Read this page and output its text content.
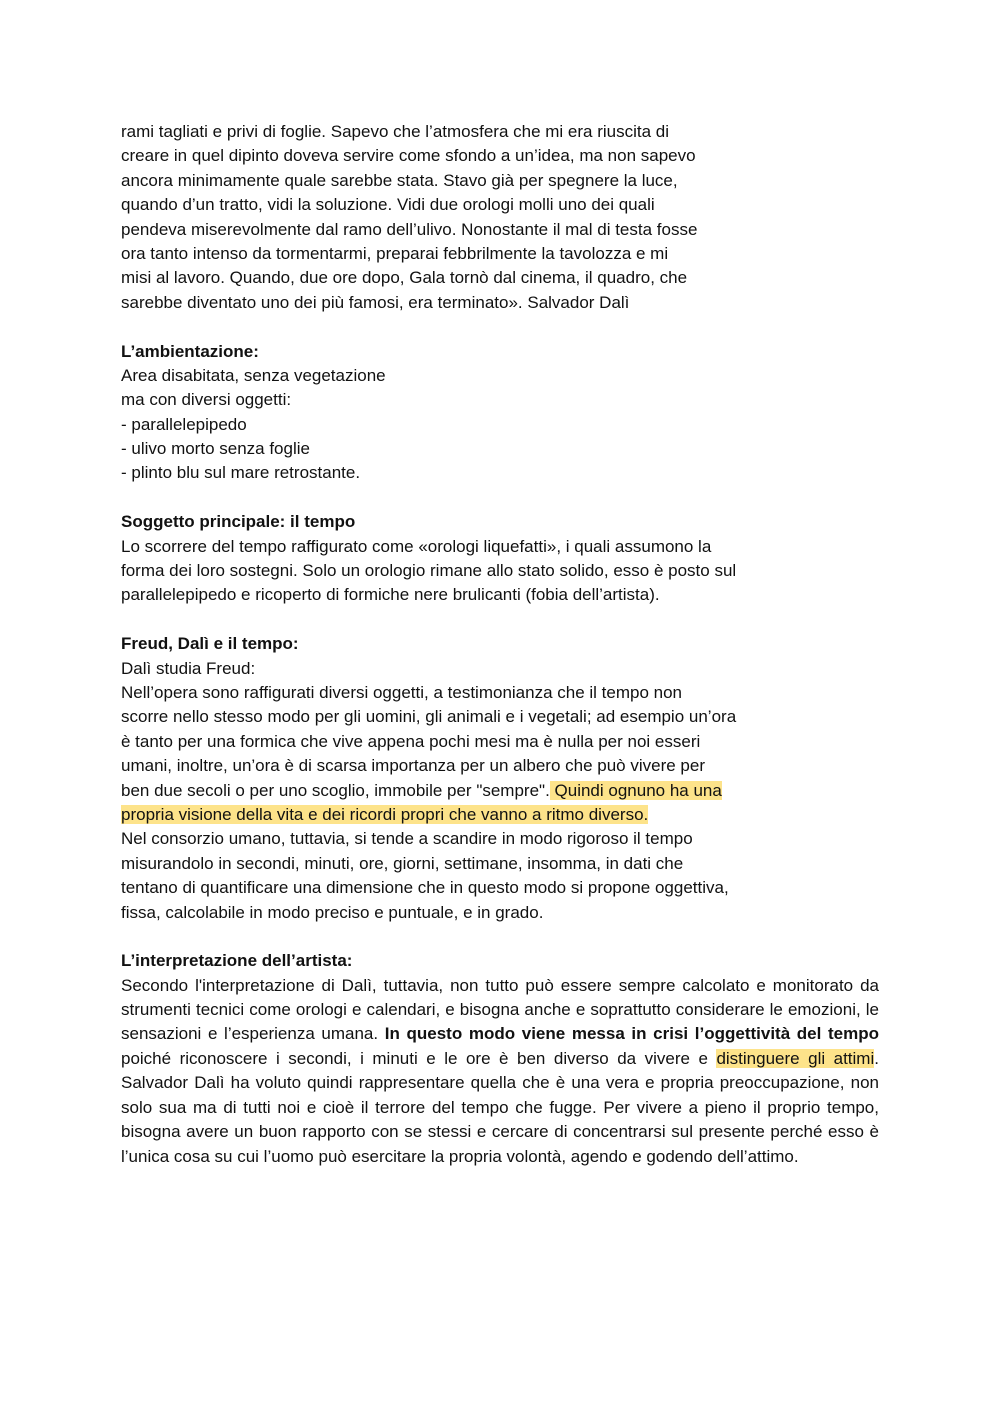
rami tagliati e privi di foglie. Sapevo che l’atmosfera che mi era riuscita di
creare in quel dipinto doveva servire come sfondo a un’idea, ma non sapevo
ancora minimamente quale sarebbe stata. Stavo già per spegnere la luce,
quando d’un tratto, vidi la soluzione. Vidi due orologi molli uno dei quali
pendeva miserevolmente dal ramo dell’ulivo. Nonostante il mal di testa fosse
ora tanto intenso da tormentarmi, preparai febbrilmente la tavolozza e mi
misi al lavoro. Quando, due ore dopo, Gala tornò dal cinema, il quadro, che
sarebbe diventato uno dei più famosi, era terminato». Salvador Dalì
L’ambientazione:
Area disabitata, senza vegetazione
ma con diversi oggetti:
- parallelepipedo
- ulivo morto senza foglie
- plinto blu sul mare retrostante.
Soggetto principale: il tempo
Lo scorrere del tempo raffigurato come «orologi liquefatti», i quali assumono la
forma dei loro sostegni. Solo un orologio rimane allo stato solido, esso è posto sul
parallelepipedo e ricoperto di formiche nere brulicanti (fobia dell’artista).
Freud, Dalì e il tempo:
Dalì studia Freud:
Nell’opera sono raffigurati diversi oggetti, a testimonianza che il tempo non
scorre nello stesso modo per gli uomini, gli animali e i vegetali; ad esempio un’ora
è tanto per una formica che vive appena pochi mesi ma è nulla per noi esseri
umani, inoltre, un’ora è di scarsa importanza per un albero che può vivere per
ben due secoli o per uno scoglio, immobile per "sempre". Quindi ognuno ha una
propria visione della vita e dei ricordi propri che vanno a ritmo diverso.
Nel consorzio umano, tuttavia, si tende a scandire in modo rigoroso il tempo
misurandolo in secondi, minuti, ore, giorni, settimane, insomma, in dati che
tentano di quantificare una dimensione che in questo modo si propone oggettiva,
fissa, calcolabile in modo preciso e puntuale, e in grado.
L’interpretazione dell’artista:

Secondo l'interpretazione di Dalì, tuttavia, non tutto può essere sempre calcolato e monitorato da strumenti tecnici come orologi e calendari, e bisogna anche e soprattutto considerare le emozioni, le sensazioni e l’esperienza umana. In questo modo viene messa in crisi l’oggettività del tempo poiché riconoscere i secondi, i minuti e le ore è ben diverso da vivere e distinguere gli attimi. Salvador Dalì ha voluto quindi rappresentare quella che è una vera e propria preoccupazione, non solo sua ma di tutti noi e cioè il terrore del tempo che fugge. Per vivere a pieno il proprio tempo, bisogna avere un buon rapporto con se stessi e cercare di concentrarsi sul presente perché esso è l’unica cosa su cui l’uomo può esercitare la propria volontà, agendo e godendo dell’attimo.
